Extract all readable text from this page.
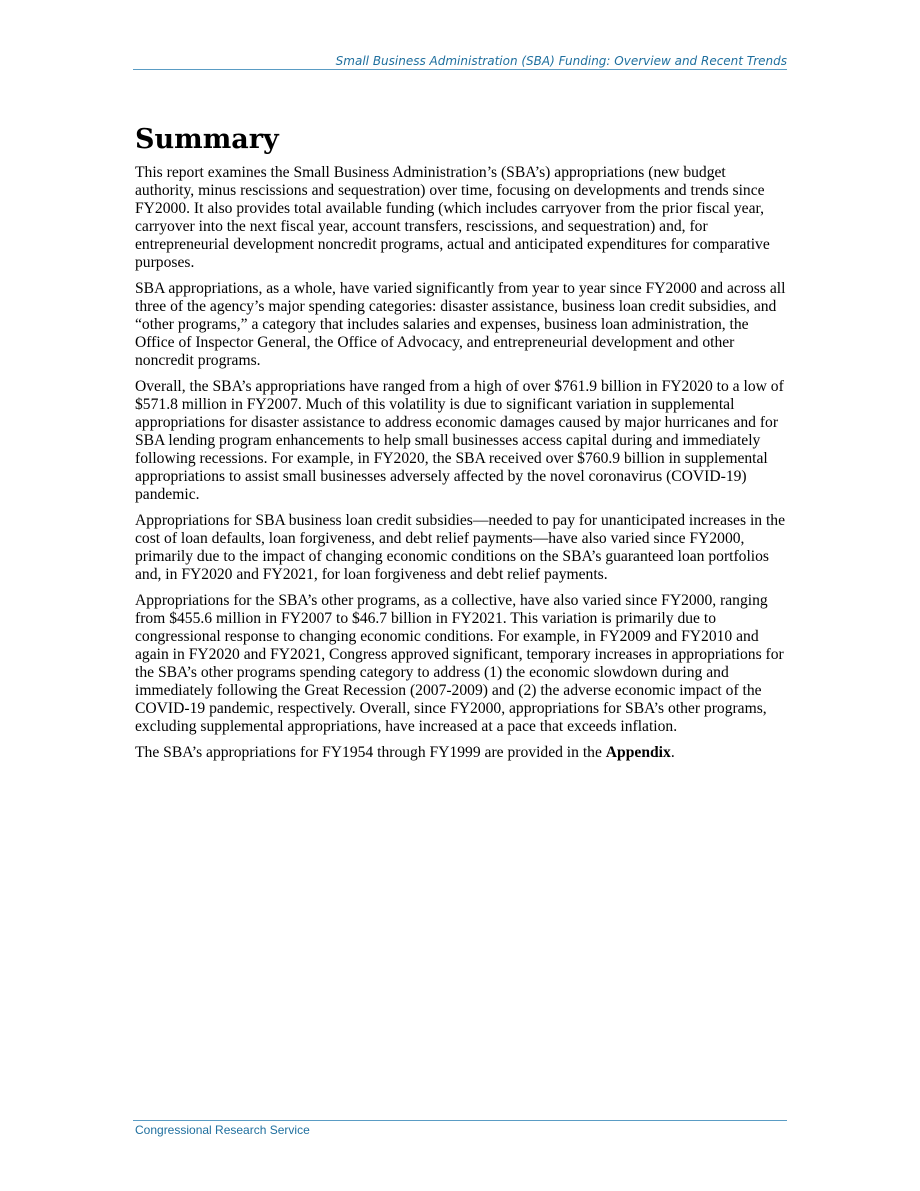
Small Business Administration (SBA) Funding: Overview and Recent Trends
Summary

This report examines the Small Business Administration’s (SBA’s) appropriations (new budget authority, minus rescissions and sequestration) over time, focusing on developments and trends since FY2000. It also provides total available funding (which includes carryover from the prior fiscal year, carryover into the next fiscal year, account transfers, rescissions, and sequestration) and, for entrepreneurial development noncredit programs, actual and anticipated expenditures for comparative purposes.

SBA appropriations, as a whole, have varied significantly from year to year since FY2000 and across all three of the agency’s major spending categories: disaster assistance, business loan credit subsidies, and “other programs,” a category that includes salaries and expenses, business loan administration, the Office of Inspector General, the Office of Advocacy, and entrepreneurial development and other noncredit programs.

Overall, the SBA’s appropriations have ranged from a high of over $761.9 billion in FY2020 to a low of $571.8 million in FY2007. Much of this volatility is due to significant variation in supplemental appropriations for disaster assistance to address economic damages caused by major hurricanes and for SBA lending program enhancements to help small businesses access capital during and immediately following recessions. For example, in FY2020, the SBA received over $760.9 billion in supplemental appropriations to assist small businesses adversely affected by the novel coronavirus (COVID-19) pandemic.

Appropriations for SBA business loan credit subsidies—needed to pay for unanticipated increases in the cost of loan defaults, loan forgiveness, and debt relief payments—have also varied since FY2000, primarily due to the impact of changing economic conditions on the SBA’s guaranteed loan portfolios and, in FY2020 and FY2021, for loan forgiveness and debt relief payments.

Appropriations for the SBA’s other programs, as a collective, have also varied since FY2000, ranging from $455.6 million in FY2007 to $46.7 billion in FY2021. This variation is primarily due to congressional response to changing economic conditions. For example, in FY2009 and FY2010 and again in FY2020 and FY2021, Congress approved significant, temporary increases in appropriations for the SBA’s other programs spending category to address (1) the economic slowdown during and immediately following the Great Recession (2007-2009) and (2) the adverse economic impact of the COVID-19 pandemic, respectively. Overall, since FY2000, appropriations for SBA’s other programs, excluding supplemental appropriations, have increased at a pace that exceeds inflation.

The SBA’s appropriations for FY1954 through FY1999 are provided in the Appendix.

Congressional Research Service
